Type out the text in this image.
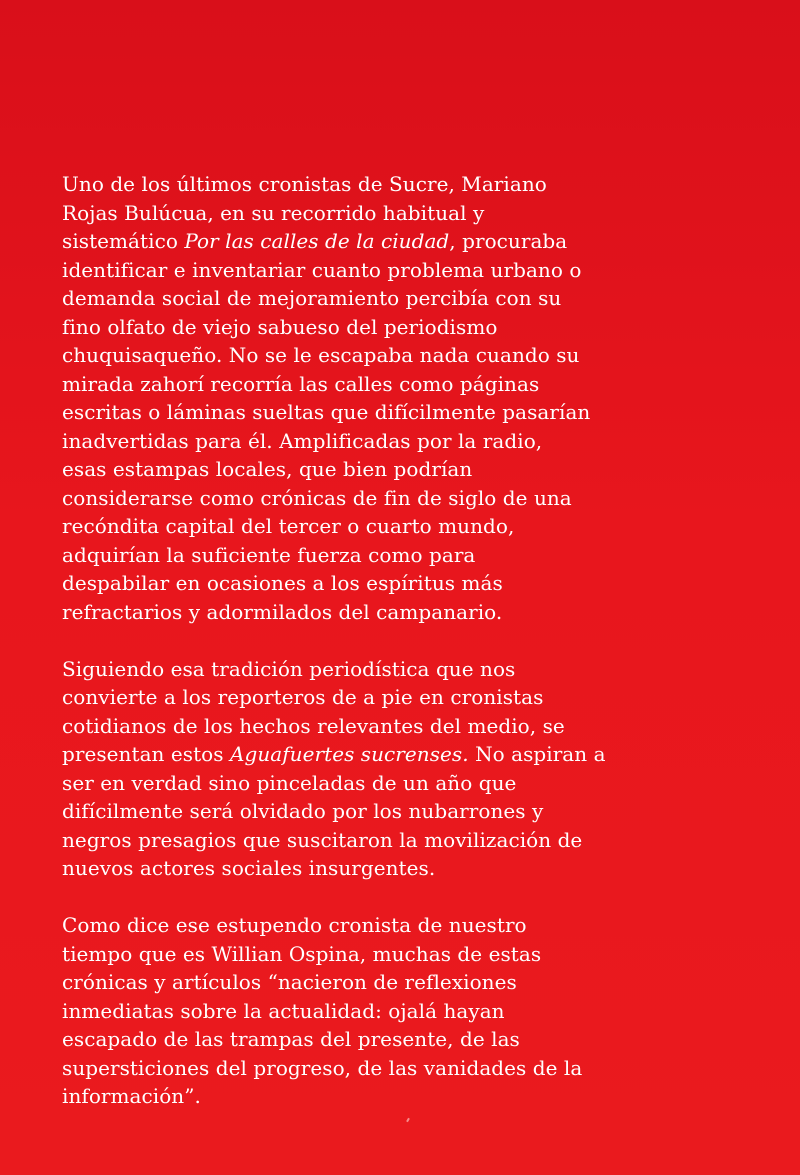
Uno de los últimos cronistas de Sucre, Mariano
Rojas Bulúcua, en su recorrido habitual y
sistemático Por las calles de la ciudad, procuraba
identificar e inventariar cuanto problema urbano o
demanda social de mejoramiento percibía con su
fino olfato de viejo sabueso del periodismo
chuquisaqueño. No se le escapaba nada cuando su
mirada zahorí recorría las calles como páginas
escritas o láminas sueltas que difícilmente pasarían
inadvertidas para él. Amplificadas por la radio,
esas estampas locales, que bien podrían
considerarse como crónicas de fin de siglo de una
recóndita capital del tercer o cuarto mundo,
adquirían la suficiente fuerza como para
despabilar en ocasiones a los espíritus más
refractarios y adormilados del campanario.

Siguiendo esa tradición periodística que nos
convierte a los reporteros de a pie en cronistas
cotidianos de los hechos relevantes del medio, se
presentan estos Aguafuertes sucrenses. No aspiran a
ser en verdad sino pinceladas de un año que
difícilmente será olvidado por los nubarrones y
negros presagios que suscitaron la movilización de
nuevos actores sociales insurgentes.

Como dice ese estupendo cronista de nuestro
tiempo que es Willian Ospina, muchas de estas
crónicas y artículos “nacieron de reflexiones
inmediatas sobre la actualidad: ojalá hayan
escapado de las trampas del presente, de las
supersticiones del progreso, de las vanidades de la
información”.
